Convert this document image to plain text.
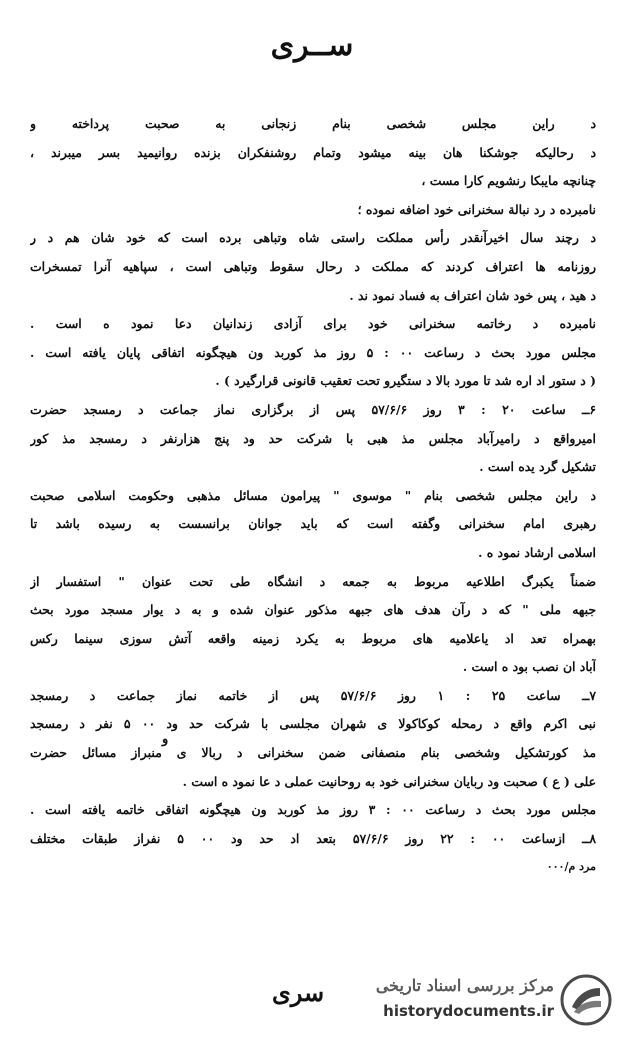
ســری
د راین مجلس شخصی بنام زنجانی به صحبت پرداخته و
د رحالیکه جوشکنا هان بینه میشود وتمام روشنفکران بزنده روانیمید بسر میبرند ،
چنانچه مایبکا رنشویم کارا مست ،
نامبرده د رد نبالة سخنرانی خود اضافه نموده ؛
د رچند سال اخیرآنقدر رأس مملکت راستی شاه وتباهی برده است که خود شان هم د ر
روزنامه ها اعتراف کردند که مملکت د رحال سقوط وتباهی است ، سپاهیه آنرا تمسخرات
د هید ، پس خود شان اعتراف به فساد نمود ند .
نامبرده د رخاتمه سخنرانی خود برای آزادی زندانیان دعا نمود ه است .
مجلس مورد بحث د رساعت ۰۰ : ۵ روز مذ کوربد ون هیچگونه اتفاقی پایان یافته است .
( د ستور اد اره شد تا مورد بالا د ستگیرو تحت تعقیب قانونی قرارگیرد ) .
۶ــ ساعت ۲۰ : ۳ روز ۵۷/۶/۶ پس از برگزاری نماز جماعت د رمسجد حضرت
امیرواقع د رامیرآباد مجلس مذ هبی با شرکت حد ود پنج هزارنفر د رمسجد مذ کور
تشکیل گرد یده است .
د راین مجلس شخصی بنام " موسوی " پیرامون مسائل مذهبی وحکومت اسلامی صحبت
رهبری امام سخنرانی وگفته است که باید جوانان برانسست به رسیده باشد تا
اسلامی ارشاد نمود ه .
ضمناً یکبرگ اطلاعیه مربوط به جمعه د انشگاه طی تحت عنوان " استفسار از
جبهه ملی " که د رآن هدف های جبهه مذکور عنوان شده و به د یوار مسجد مورد بحث
بهمراه تعد اد یاعلامیه های مربوط به یکرد زمینه واقعه آتش سوزی سینما رکس
آباد ان نصب بود ه است .
۷ــ ساعت ۲۵ : ۱ روز ۵۷/۶/۶ پس از خاتمه نماز جماعت د رمسجد
نبی اکرم واقع د رمحله کوکاکولا ی شهران مجلسی با شرکت حد ود ۰۰ ۵ نفر د رمسجد
مذ کورتشکیل وشخصی بنام منصفانی ضمن سخنرانی د ربالا ی منبراز مسائل حضرت
علی ( ع ) صحبت ود ربایان سخنرانی خود به روحانیت عملی د عا نمود ه است .
مجلس مورد بحث د رساعت ۰۰ : ۳ روز مذ کوربد ون هیچگونه اتفاقی خاتمه یافته است .
۸ــ ازساعت ۰۰ : ۲۲ روز ۵۷/۶/۶ بتعد اد حد ود ۰۰ ۵ نفراز طبقات مختلف
مرد م/۰۰۰
و
سری	مرکز بررسی اسناد تاریخی
historydocuments.ir
